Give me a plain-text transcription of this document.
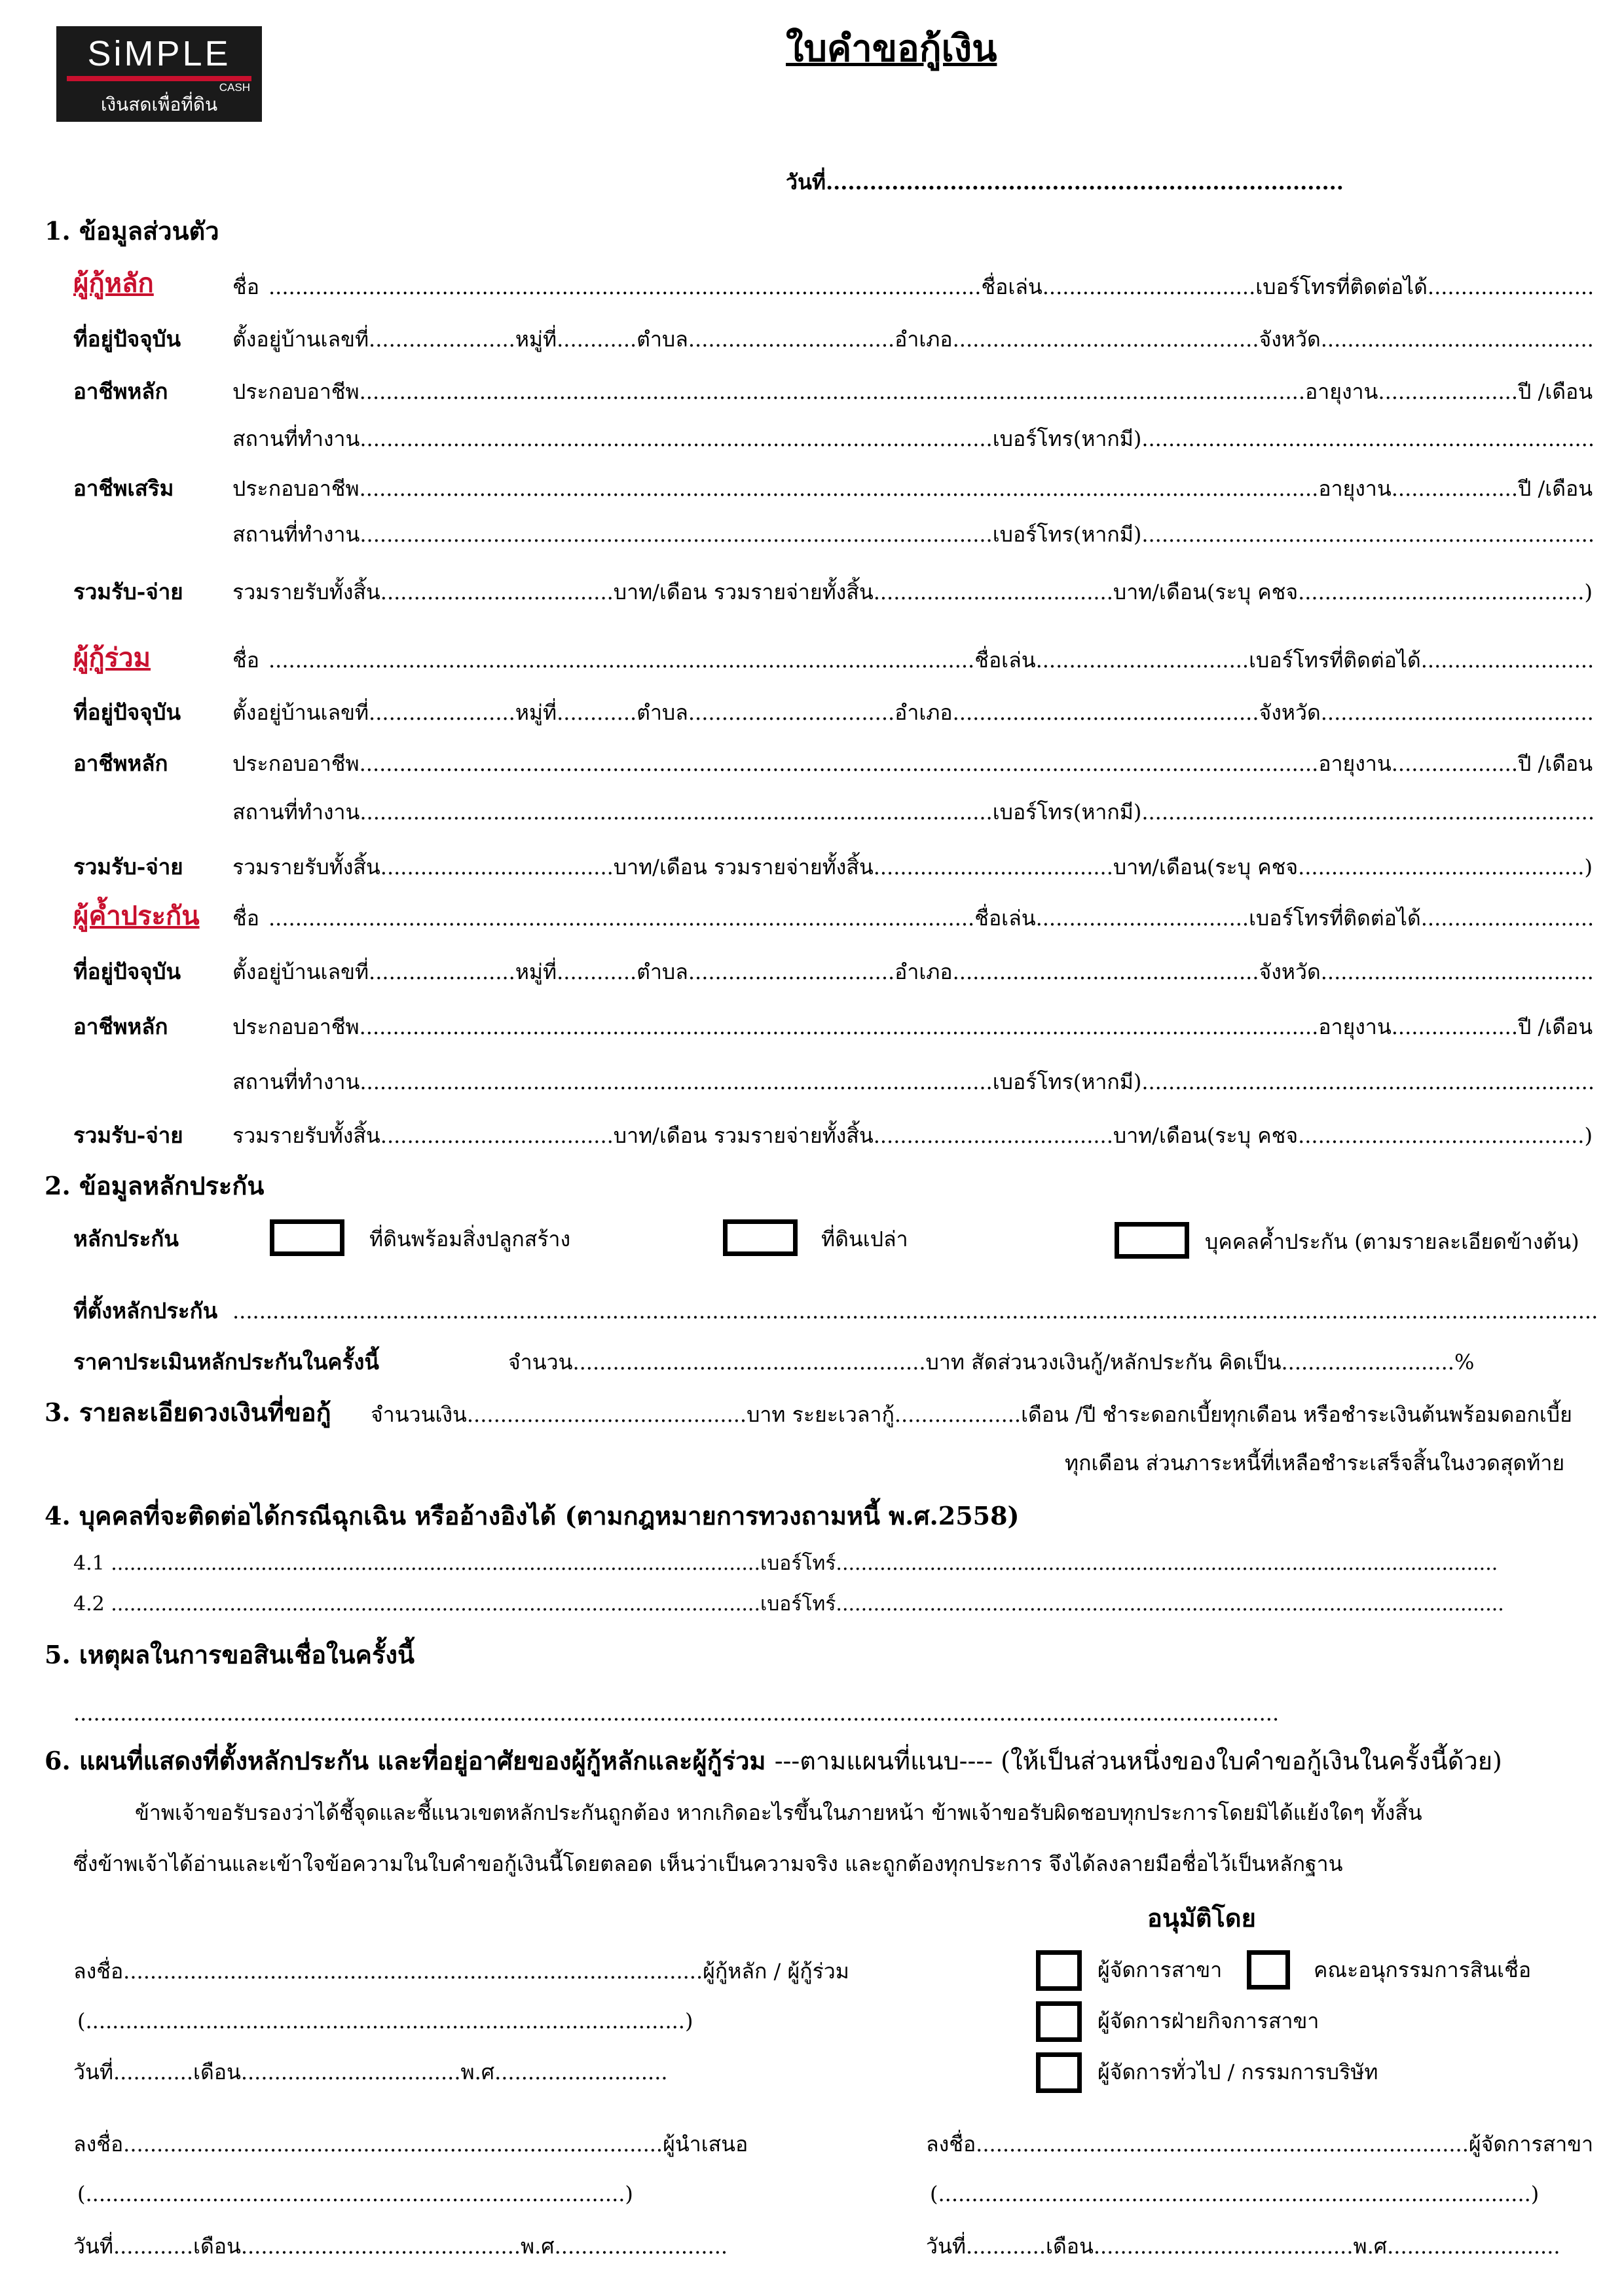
SiMPLE
CASH
เงินสดเพื่อที่ดิน
ใบคำขอกู้เงิน
วันที่.......................................................................
1. ข้อมูลส่วนตัว
ผู้กู้หลัก	ชื่อ ...........................................................................................................ชื่อเล่น................................เบอร์โทรที่ติดต่อได้.........................
ที่อยู่ปัจจุบัน ตั้งอยู่บ้านเลขที่......................หมู่ที่............ตำบล...............................อำเภอ..............................................จังหวัด.........................................
อาชีพหลัก	ประกอบอาชีพ..............................................................................................................................................อายุงาน.....................ปี /เดือน
สถานที่ทำงาน...............................................................................................เบอร์โทร(หากมี)....................................................................
อาชีพเสริม	ประกอบอาชีพ................................................................................................................................................อายุงาน...................ปี /เดือน
สถานที่ทำงาน...............................................................................................เบอร์โทร(หากมี)....................................................................
รวมรับ-จ่าย รวมรายรับทั้งสิ้น...................................บาท/เดือน รวมรายจ่ายทั้งสิ้น....................................บาท/เดือน(ระบุ คชจ...........................................)
ผู้กู้ร่วม	ชื่อ ..........................................................................................................ชื่อเล่น................................เบอร์โทรที่ติดต่อได้..........................
ที่อยู่ปัจจุบัน ตั้งอยู่บ้านเลขที่......................หมู่ที่............ตำบล...............................อำเภอ..............................................จังหวัด.........................................
อาชีพหลัก	ประกอบอาชีพ................................................................................................................................................อายุงาน...................ปี /เดือน
สถานที่ทำงาน...............................................................................................เบอร์โทร(หากมี)....................................................................
รวมรับ-จ่าย รวมรายรับทั้งสิ้น...................................บาท/เดือน รวมรายจ่ายทั้งสิ้น....................................บาท/เดือน(ระบุ คชจ...........................................)
ผู้ค้ำประกัน ชื่อ ..........................................................................................................ชื่อเล่น................................เบอร์โทรที่ติดต่อได้..........................
ที่อยู่ปัจจุบัน ตั้งอยู่บ้านเลขที่......................หมู่ที่............ตำบล...............................อำเภอ..............................................จังหวัด.........................................
อาชีพหลัก	ประกอบอาชีพ................................................................................................................................................อายุงาน...................ปี /เดือน
สถานที่ทำงาน...............................................................................................เบอร์โทร(หากมี)....................................................................
รวมรับ-จ่าย รวมรายรับทั้งสิ้น...................................บาท/เดือน รวมรายจ่ายทั้งสิ้น....................................บาท/เดือน(ระบุ คชจ...........................................)
2. ข้อมูลหลักประกัน
หลักประกัน	ที่ดินพร้อมสิ่งปลูกสร้าง	ที่ดินเปล่า	บุคคลค้ำประกัน (ตามรายละเอียดข้างต้น)
ที่ตั้งหลักประกัน .............................................................................................................................................................................................................
ราคาประเมินหลักประกันในครั้งนี้	จำนวน.....................................................บาท สัดส่วนวงเงินกู้/หลักประกัน คิดเป็น..........................%
3. รายละเอียดวงเงินที่ขอกู้ จำนวนเงิน..........................................บาท ระยะเวลากู้...................เดือน /ปี ชำระดอกเบี้ยทุกเดือน หรือชำระเงินต้นพร้อมดอกเบี้ย
ทุกเดือน ส่วนภาระหนี้ที่เหลือชำระเสร็จสิ้นในงวดสุดท้าย
4. บุคคลที่จะติดต่อได้กรณีฉุกเฉิน หรืออ้างอิงได้ (ตามกฎหมายการทวงถามหนี้ พ.ศ.2558)
4.1 ........................................................................................................เบอร์โทร์..........................................................................................................
4.2 ........................................................................................................เบอร์โทร์...........................................................................................................
5. เหตุผลในการขอสินเชื่อในครั้งนี้
.....................................................................................................................................................................................
6. แผนที่แสดงที่ตั้งหลักประกัน และที่อยู่อาศัยของผู้กู้หลักและผู้กู้ร่วม ---ตามแผนที่แนบ---- (ให้เป็นส่วนหนึ่งของใบคำขอกู้เงินในครั้งนี้ด้วย)
ข้าพเจ้าขอรับรองว่าได้ชี้จุดและชี้แนวเขตหลักประกันถูกต้อง หากเกิดอะไรขึ้นในภายหน้า ข้าพเจ้าขอรับผิดชอบทุกประการโดยมิได้แย้งใดๆ ทั้งสิ้น
ซึ่งข้าพเจ้าได้อ่านและเข้าใจข้อความในใบคำขอกู้เงินนี้โดยตลอด เห็นว่าเป็นความจริง และถูกต้องทุกประการ จึงได้ลงลายมือชื่อไว้เป็นหลักฐาน
อนุมัติโดย
ผู้จัดการสาขา	คณะอนุกรรมการสินเชื่อ
ผู้จัดการฝ่ายกิจการสาขา
ผู้จัดการทั่วไป / กรรมการบริษัท
ลงชื่อ.......................................................................................ผู้กู้หลัก / ผู้กู้ร่วม
(..........................................................................................)
วันที่............เดือน.................................พ.ศ..........................
ลงชื่อ.................................................................................ผู้นำเสนอ
(.................................................................................)
วันที่............เดือน..........................................พ.ศ..........................
ลงชื่อ..........................................................................ผู้จัดการสาขา
(.........................................................................................)
วันที่............เดือน.......................................พ.ศ..........................
